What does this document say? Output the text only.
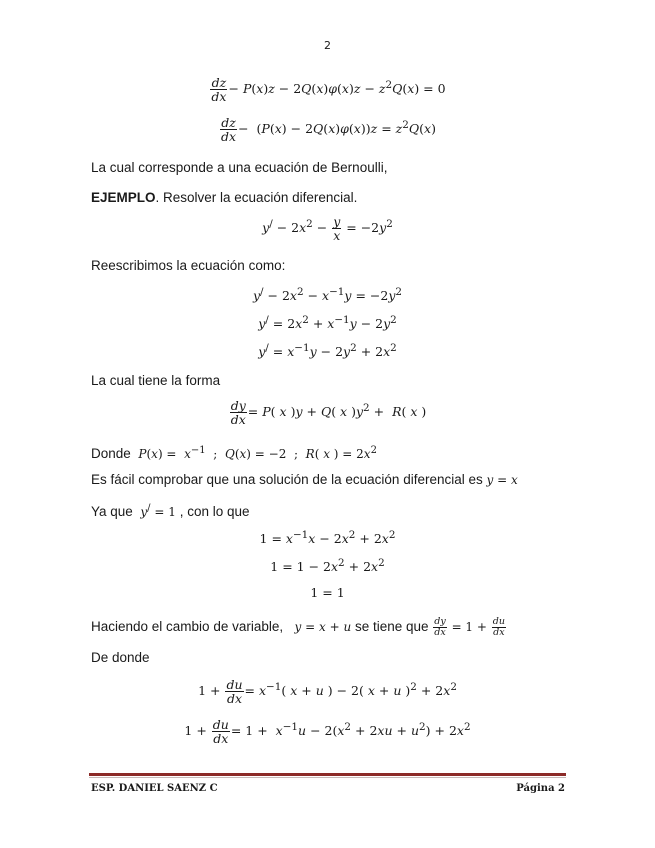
2
$\frac{dz}{dx} - P(x)z - 2Q(x)\varphi(x)z - z^2Q(x) = 0$
$\frac{dz}{dx} - (P(x) - 2Q(x)\varphi(x))z = z^2Q(x)$
La cual corresponde a una ecuación de Bernoulli,
EJEMPLO. Resolver la ecuación diferencial.
$y^/ - 2x^2 - \frac{y}{x} = -2y^2$
Reescribimos la ecuación como:
$y^/ - 2x^2 - x^{-1}y = -2y^2$
$y^/ = 2x^2 + x^{-1}y - 2y^2$
$y^/ = x^{-1}y - 2y^2 + 2x^2$
La cual tiene la forma
$\frac{dy}{dx} = P$( x )y + Q( x )$y^2 + R$( x )
Donde $P(x) = x^{-1}$  ;  Q(x) = −2  ;  R( x ) = $2x^2$
Es fácil comprobar que una solución de la ecuación diferencial es y = x
Ya que y/ = 1 , con lo que
$1 = x^{-1}x - 2x^2 + 2x^2$
$1 = 1 - 2x^2 + 2x^2$
1 = 1
Haciendo el cambio de variable, y = x + u se tiene que $\frac{dy}{dx} = 1 + \frac{du}{dx}$
De donde
$1 + \frac{du}{dx} = x^{-1}$( x + u ) − 2( x + u )$^2 + 2x^2$
$1 + \frac{du}{dx} = 1 + x^{-1}u - 2(x^2 + 2xu + u^2) + 2x^2$
ESP. DANIEL SAENZ C	Página 2
